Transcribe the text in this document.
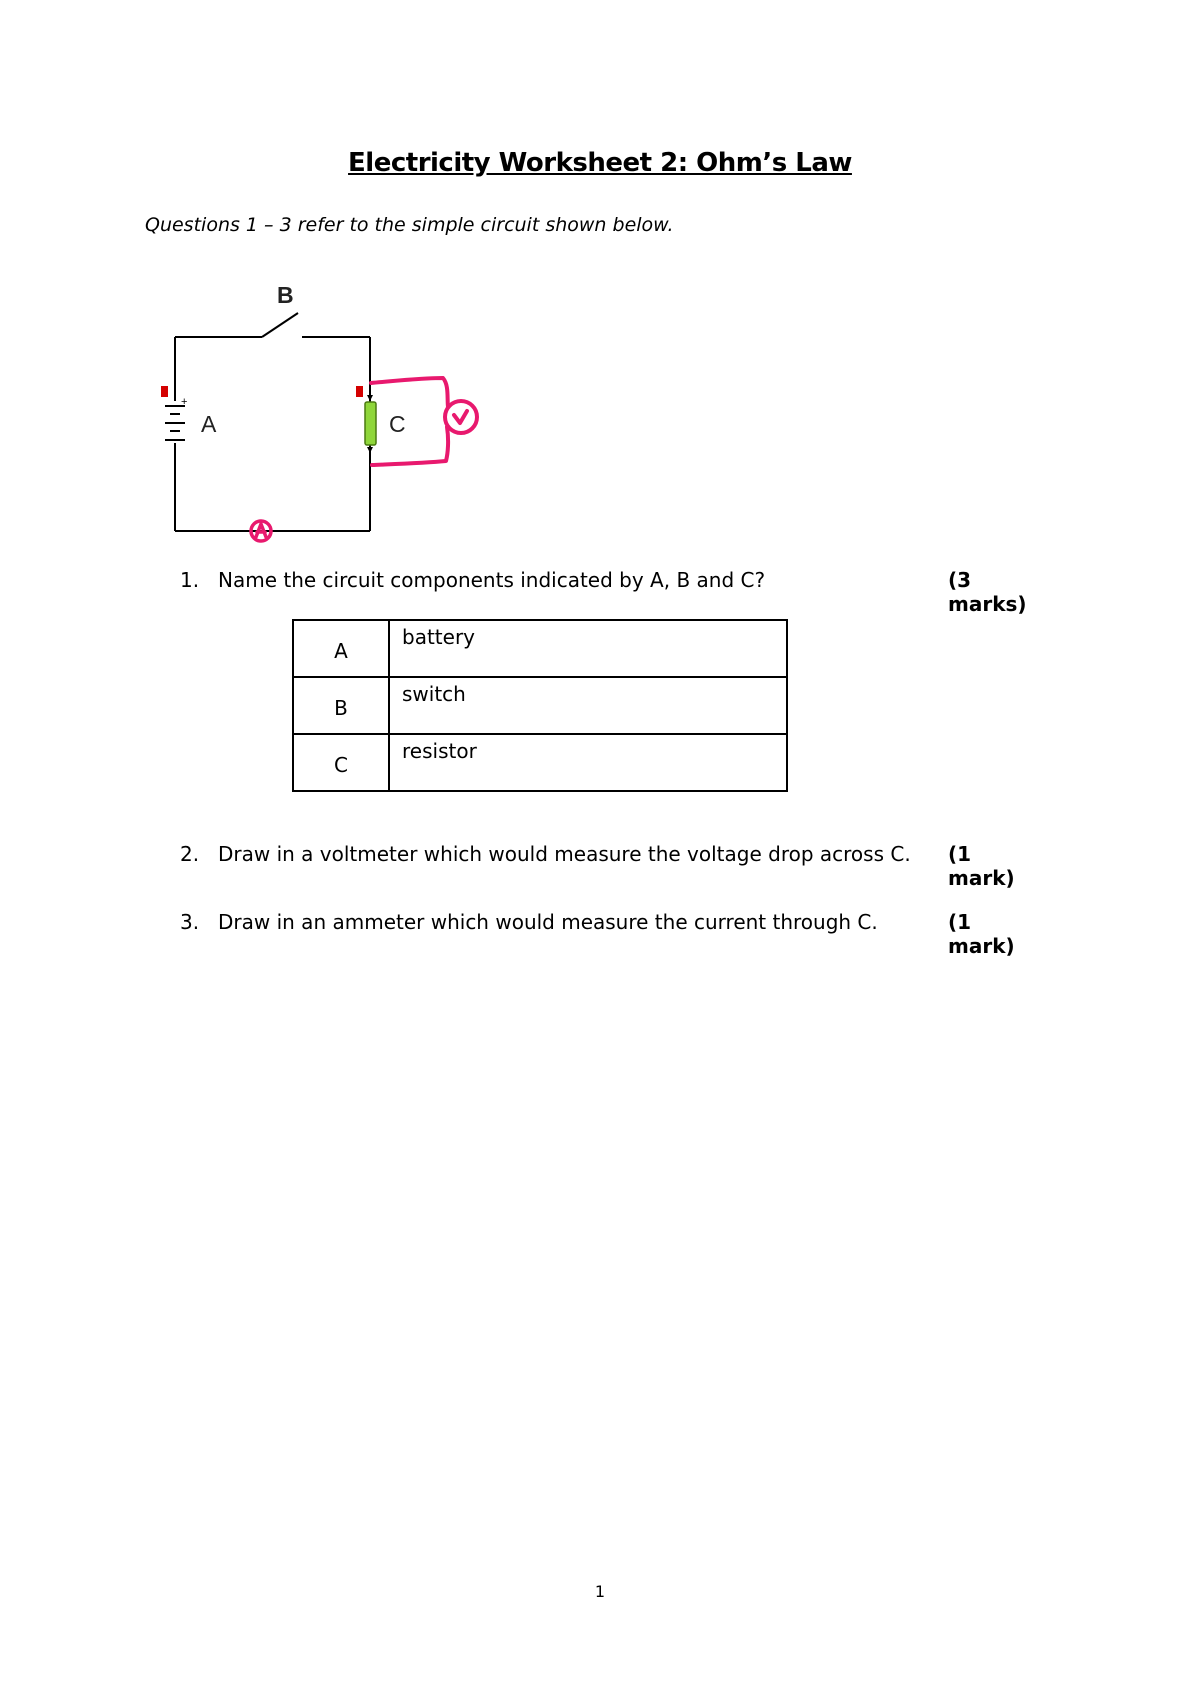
Electricity Worksheet 2: Ohm’s Law
Questions 1 – 3 refer to the simple circuit shown below.
B
+
A	C
1. Name the circuit components indicated by A, B and C?	(3 marks)
A	battery
B	switch
C	resistor
2. Draw in a voltmeter which would measure the voltage drop across C. (1 mark)
3. Draw in an ammeter which would measure the current through C.	(1 mark)
1
